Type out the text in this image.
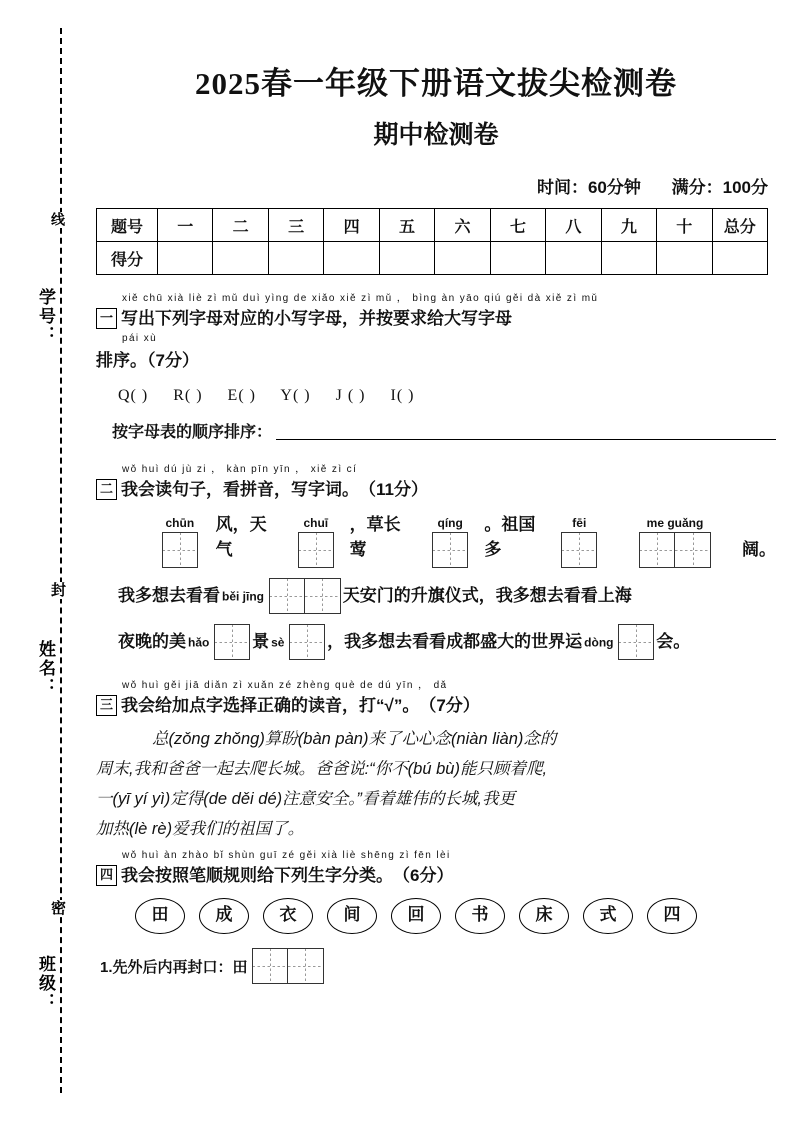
线
学号：
封
姓名：
密
班级：
2025春一年级下册语文拔尖检测卷
期中检测卷
时间：60分钟 满分：100分
题号	一	二	三	四	五	六	七	八	九	十	总分
得分											
xiě chū xià liè zì mǔ duì yìng de xiǎo xiě zì mǔ ， bìng àn yāo qiú gěi dà xiě zì mǔ
一 写出下列字母对应的小写字母，并按要求给大写字母
pái xù
排序。（7分）
Q( ) R( ) E( ) Y( ) J ( ) I( )
按字母表的顺序排序：
wǒ huì dú jù zi ， kàn pīn yīn ， xiě zì cí
二 我会读句子，看拼音，写字词。 （11分）
chūn	风，天气
chuī	，草长莺
qíng	。祖国多
fēi	me guǎng
阔。
我多想去看看 běi jīng	天安门的升旗仪式，我多想去看看上海
夜晚的美 hǎo	景 sè	，我多想去看看成都盛大的世界运 dòng	会。
wǒ huì gěi jiā diǎn zì xuǎn zé zhèng què de dú yīn ， dǎ
三 我会给加点字选择正确的读音，打“√”。 （7分）
总(zǒng zhǒng)算盼(bàn pàn)来了心心念(niàn liàn)念的
周末,我和爸爸一起去爬长城。爸爸说:“你不(bú bù)能只顾着爬,
一(yī yí yì)定得(de děi dé)注意安全。”看着雄伟的长城,我更
加热(lè rè)爱我们的祖国了。
wǒ huì àn zhào bǐ shùn guī zé gěi xià liè shēng zì fēn lèi
四 我会按照笔顺规则给下列生字分类。 （6分）
田	成	衣	间	回	书	床	式	四
1.先外后内再封口：田
